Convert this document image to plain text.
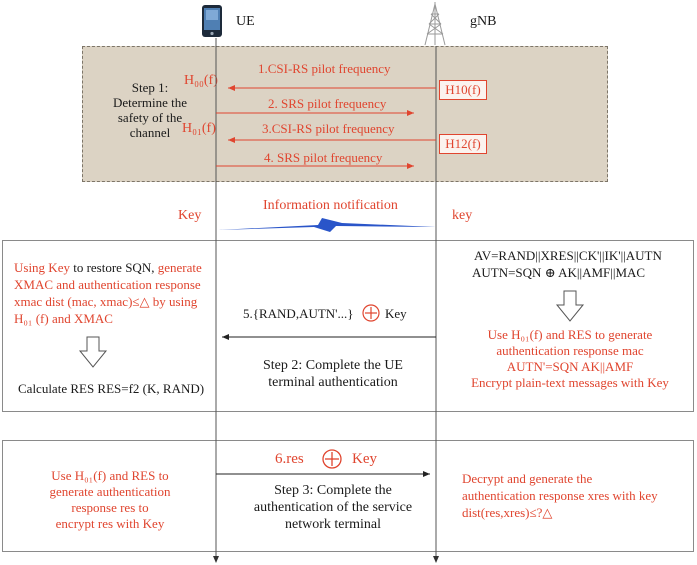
UE	gNB
Step 1:
Determine the
safety of the
channel
H₀₀(f)
H₀₁(f)
H10(f)
H12(f)
1.CSI-RS pilot frequency
2. SRS pilot frequency
3.CSI-RS pilot frequency
4. SRS pilot frequency
Key	key
Information notification
Using Key to restore SQN, generate
XMAC and authentication response
xmac dist (mac, xmac)≤△ by using
H₀₁ (f) and XMAC
Calculate RES RES=f2 (K, RAND)
AV=RAND||XRES||CK'||IK'||AUTN
AUTN=SQN ⊕ AK||AMF||MAC
Use H₀₁(f) and RES to generate
authentication response mac
AUTN'=SQN AK||AMF
Encrypt plain-text messages with Key
5.{RAND,AUTN'...} Key
Step 2: Complete the UE
terminal authentication
Use H₀₁(f) and RES to
generate authentication
response res to
encrypt res with Key
6.res	Key
Step 3: Complete the
authentication of the service
network terminal
Decrypt and generate the
authentication response xres with key
dist(res,xres)≤?△
